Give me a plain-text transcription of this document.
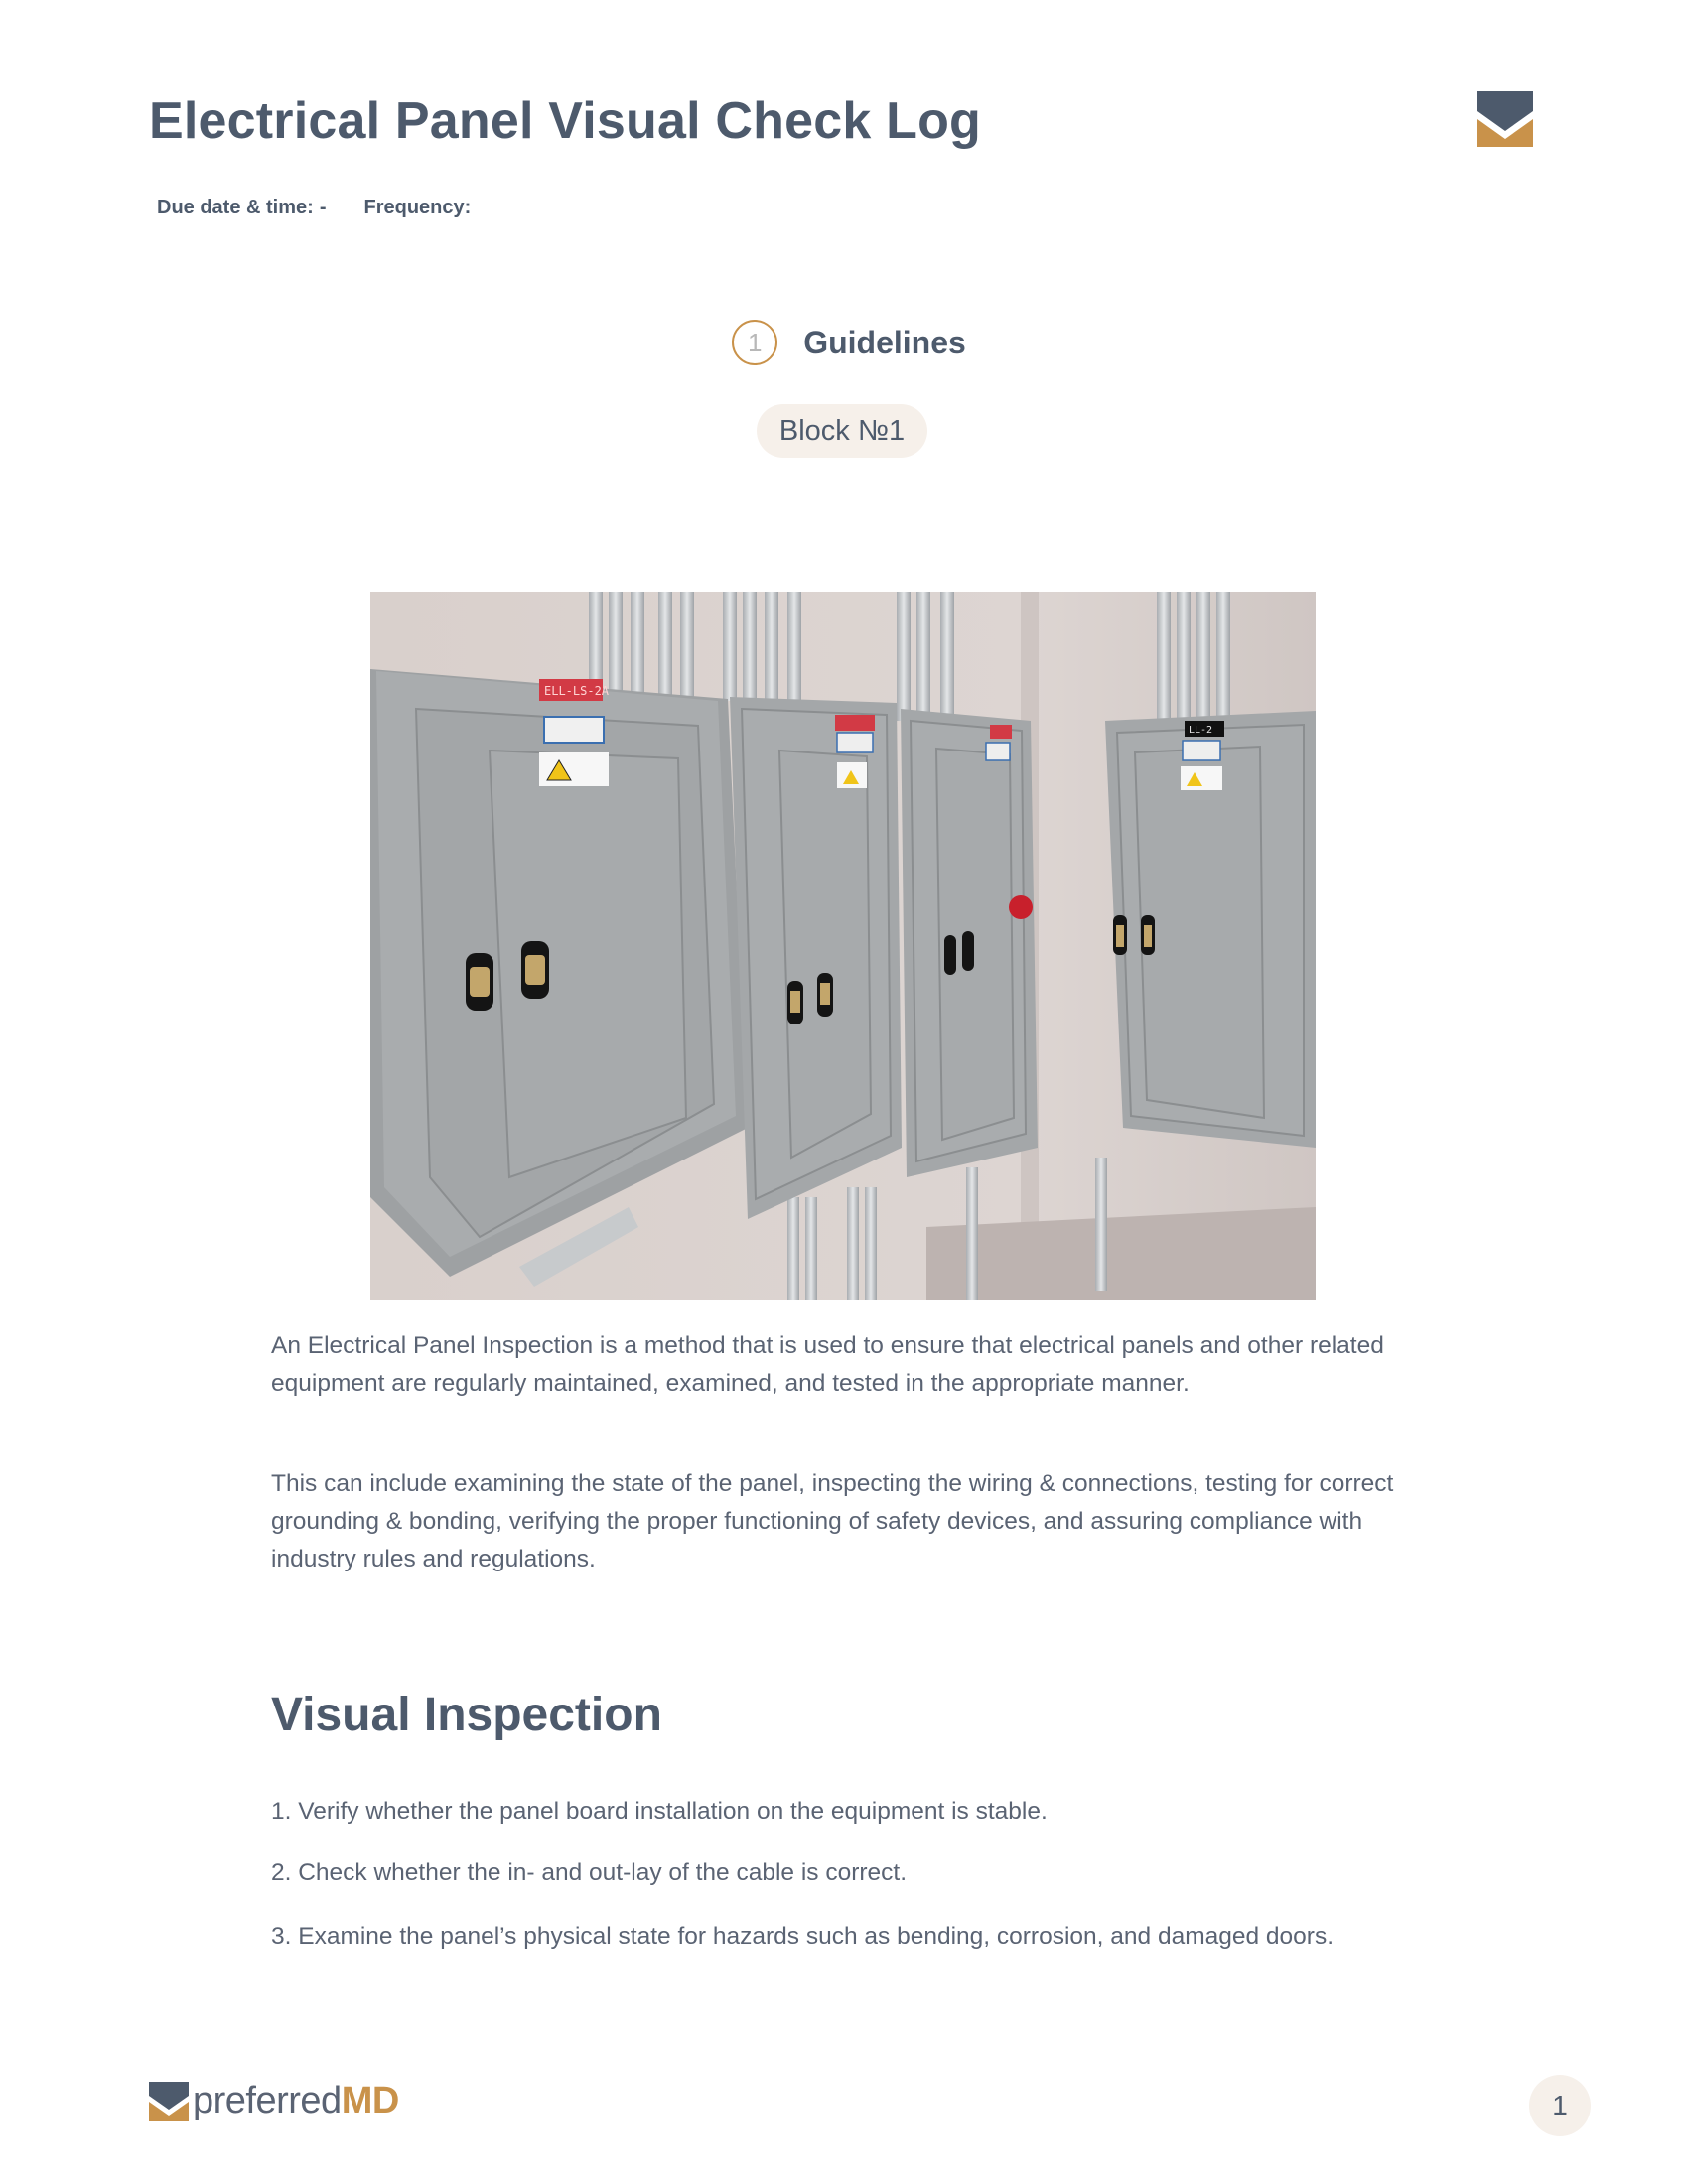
Electrical Panel Visual Check Log
Due date & time: - Frequency:
1	Guidelines
Block №1
ELL-LS-2A
LL-2

An Electrical Panel Inspection is a method that is used to ensure that electrical panels and other related equipment are regularly maintained, examined, and tested in the appropriate manner.

This can include examining the state of the panel, inspecting the wiring & connections, testing for correct grounding & bonding, verifying the proper functioning of safety devices, and assuring compliance with industry rules and regulations.

Visual Inspection

1. Verify whether the panel board installation on the equipment is stable.

2. Check whether the in- and out-lay of the cable is correct.

3. Examine the panel’s physical state for hazards such as bending, corrosion, and damaged doors.

preferredMD	1
